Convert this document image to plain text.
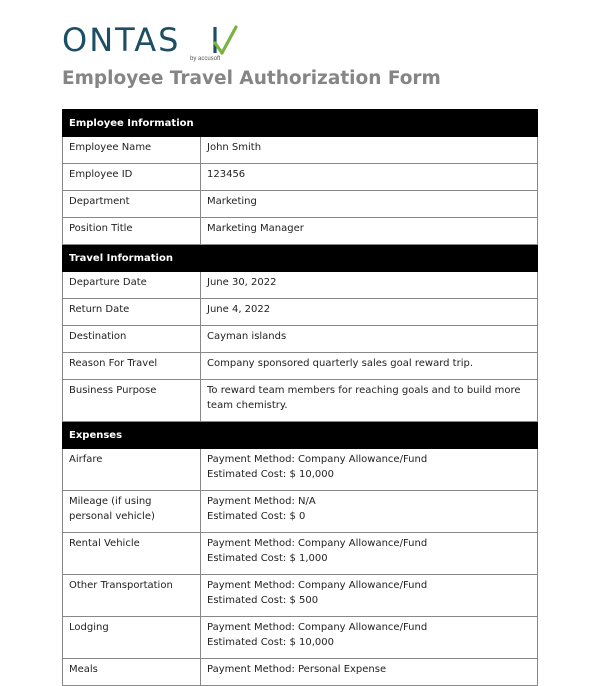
ONTAS by accusoft
Employee Travel Authorization Form
Employee Information	
Employee Name	John Smith
Employee ID	123456
Department	Marketing
Position Title	Marketing Manager
Travel Information	
Departure Date	June 30, 2022
Return Date	June 4, 2022
Destination	Cayman islands
Reason For Travel	Company sponsored quarterly sales goal reward trip.
Business Purpose	To reward team members for reaching goals and to build more team chemistry.
Expenses	
Airfare	Payment Method: Company Allowance/Fund
Estimated Cost: $ 10,000

Mileage (if using personal vehicle)	Payment Method: N/A
Estimated Cost: $ 0

Rental Vehicle	Payment Method: Company Allowance/Fund
Estimated Cost: $ 1,000

Other Transportation	Payment Method: Company Allowance/Fund
Estimated Cost: $ 500

Lodging	Payment Method: Company Allowance/Fund
Estimated Cost: $ 10,000

Meals	Payment Method: Personal Expense
